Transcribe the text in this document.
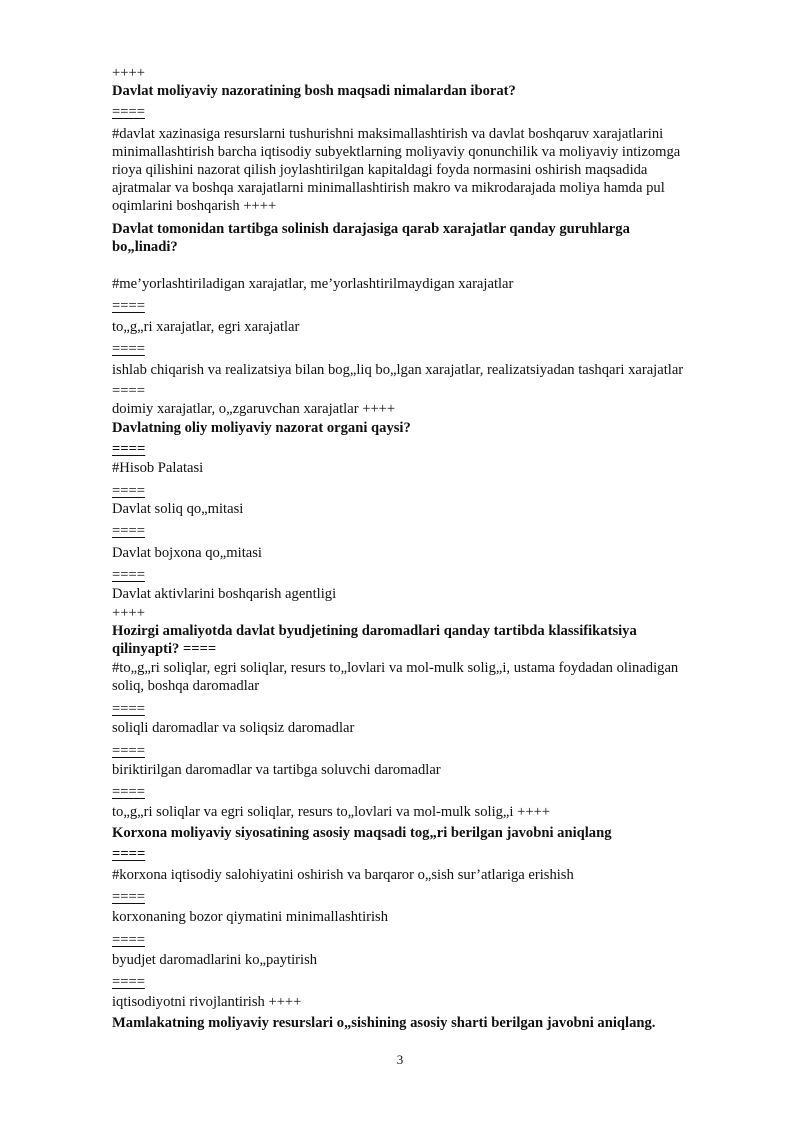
++++
Davlat moliyaviy nazoratining bosh maqsadi nimalardan iborat?
====
#davlat xazinasiga resurslarni tushurishni maksimallashtirish va davlat boshqaruv xarajatlarini
minimallashtirish barcha iqtisodiy subyektlarning moliyaviy qonunchilik va moliyaviy intizomga
rioya qilishini nazorat qilish joylashtirilgan kapitaldagi foyda normasini oshirish maqsadida
ajratmalar va boshqa xarajatlarni minimallashtirish makro va mikrodarajada moliya hamda pul
oqimlarini boshqarish ++++
Davlat tomonidan tartibga solinish darajasiga qarab xarajatlar qanday guruhlarga
bo„linadi?
#me’yorlashtiriladigan xarajatlar, me’yorlashtirilmaydigan xarajatlar
====
to„g„ri xarajatlar, egri xarajatlar
====
ishlab chiqarish va realizatsiya bilan bog„liq bo„lgan xarajatlar, realizatsiyadan tashqari xarajatlar
====
doimiy xarajatlar, o„zgaruvchan xarajatlar ++++
Davlatning oliy moliyaviy nazorat organi qaysi?
====
#Hisob Palatasi
====
Davlat soliq qo„mitasi
====
Davlat bojxona qo„mitasi
====
Davlat aktivlarini boshqarish agentligi
++++
Hozirgi amaliyotda davlat byudjetining daromadlari qanday tartibda klassifikatsiya
qilinyapti? ====
#to„g„ri soliqlar, egri soliqlar, resurs to„lovlari va mol-mulk solig„i, ustama foydadan olinadigan
soliq, boshqa daromadlar
====
soliqli daromadlar va soliqsiz daromadlar
====
biriktirilgan daromadlar va tartibga soluvchi daromadlar
====
to„g„ri soliqlar va egri soliqlar, resurs to„lovlari va mol-mulk solig„i ++++
Korxona moliyaviy siyosatining asosiy maqsadi tog„ri berilgan javobni aniqlang
====
#korxona iqtisodiy salohiyatini oshirish va barqaror o„sish sur’atlariga erishish
====
korxonaning bozor qiymatini minimallashtirish
====
byudjet daromadlarini ko„paytirish
====
iqtisodiyotni rivojlantirish ++++
Mamlakatning moliyaviy resurslari o„sishining asosiy sharti berilgan javobni aniqlang.
3
